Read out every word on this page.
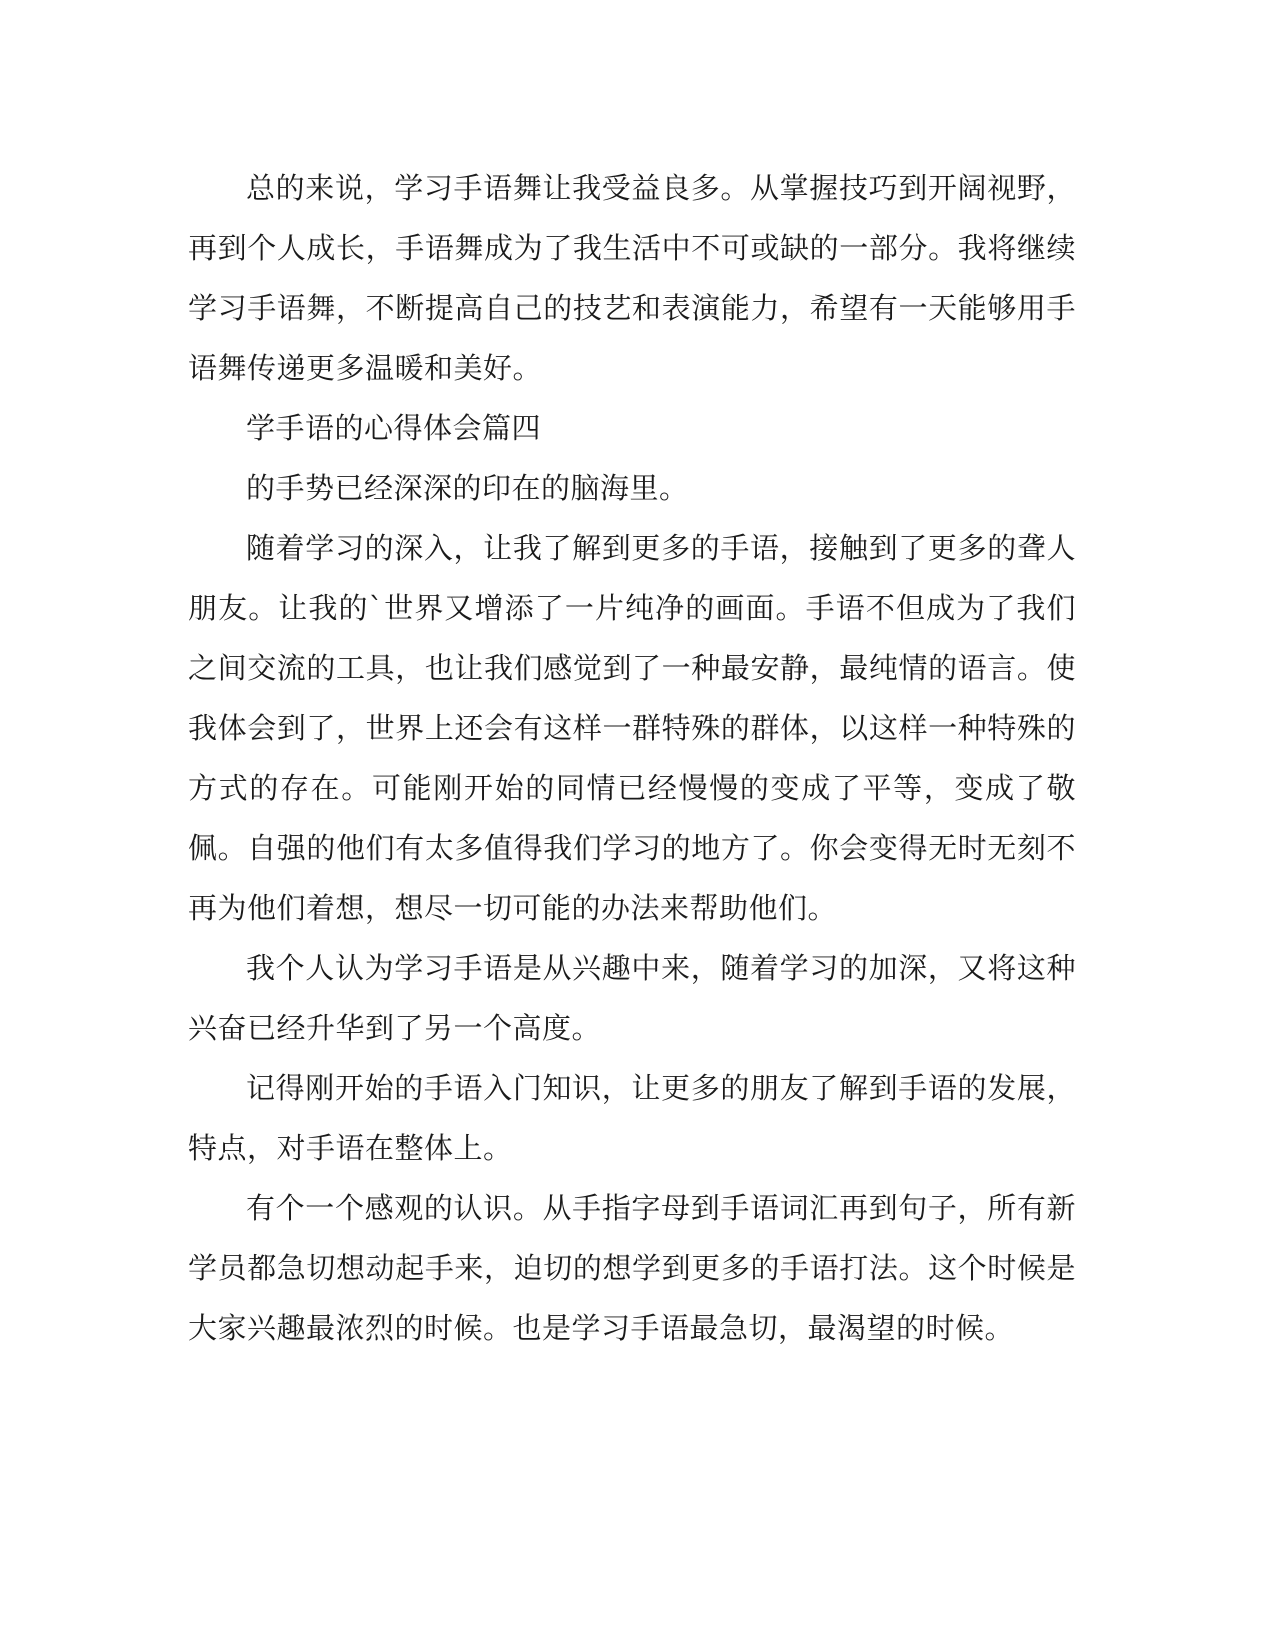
总的来说，学习手语舞让我受益良多。从掌握技巧到开阔视野，再到个人成长，手语舞成为了我生活中不可或缺的一部分。我将继续学习手语舞，不断提高自己的技艺和表演能力，希望有一天能够用手语舞传递更多温暖和美好。

学手语的心得体会篇四

的手势已经深深的印在的脑海里。

随着学习的深入，让我了解到更多的手语，接触到了更多的聋人朋友。让我的`世界又增添了一片纯净的画面。手语不但成为了我们之间交流的工具，也让我们感觉到了一种最安静，最纯情的语言。使我体会到了，世界上还会有这样一群特殊的群体，以这样一种特殊的方式的存在。可能刚开始的同情已经慢慢的变成了平等，变成了敬佩。自强的他们有太多值得我们学习的地方了。你会变得无时无刻不再为他们着想，想尽一切可能的办法来帮助他们。

我个人认为学习手语是从兴趣中来，随着学习的加深，又将这种兴奋已经升华到了另一个高度。

记得刚开始的手语入门知识，让更多的朋友了解到手语的发展，特点，对手语在整体上。

有个一个感观的认识。从手指字母到手语词汇再到句子，所有新学员都急切想动起手来，迫切的想学到更多的手语打法。这个时候是大家兴趣最浓烈的时候。也是学习手语最急切，最渴望的时候。
